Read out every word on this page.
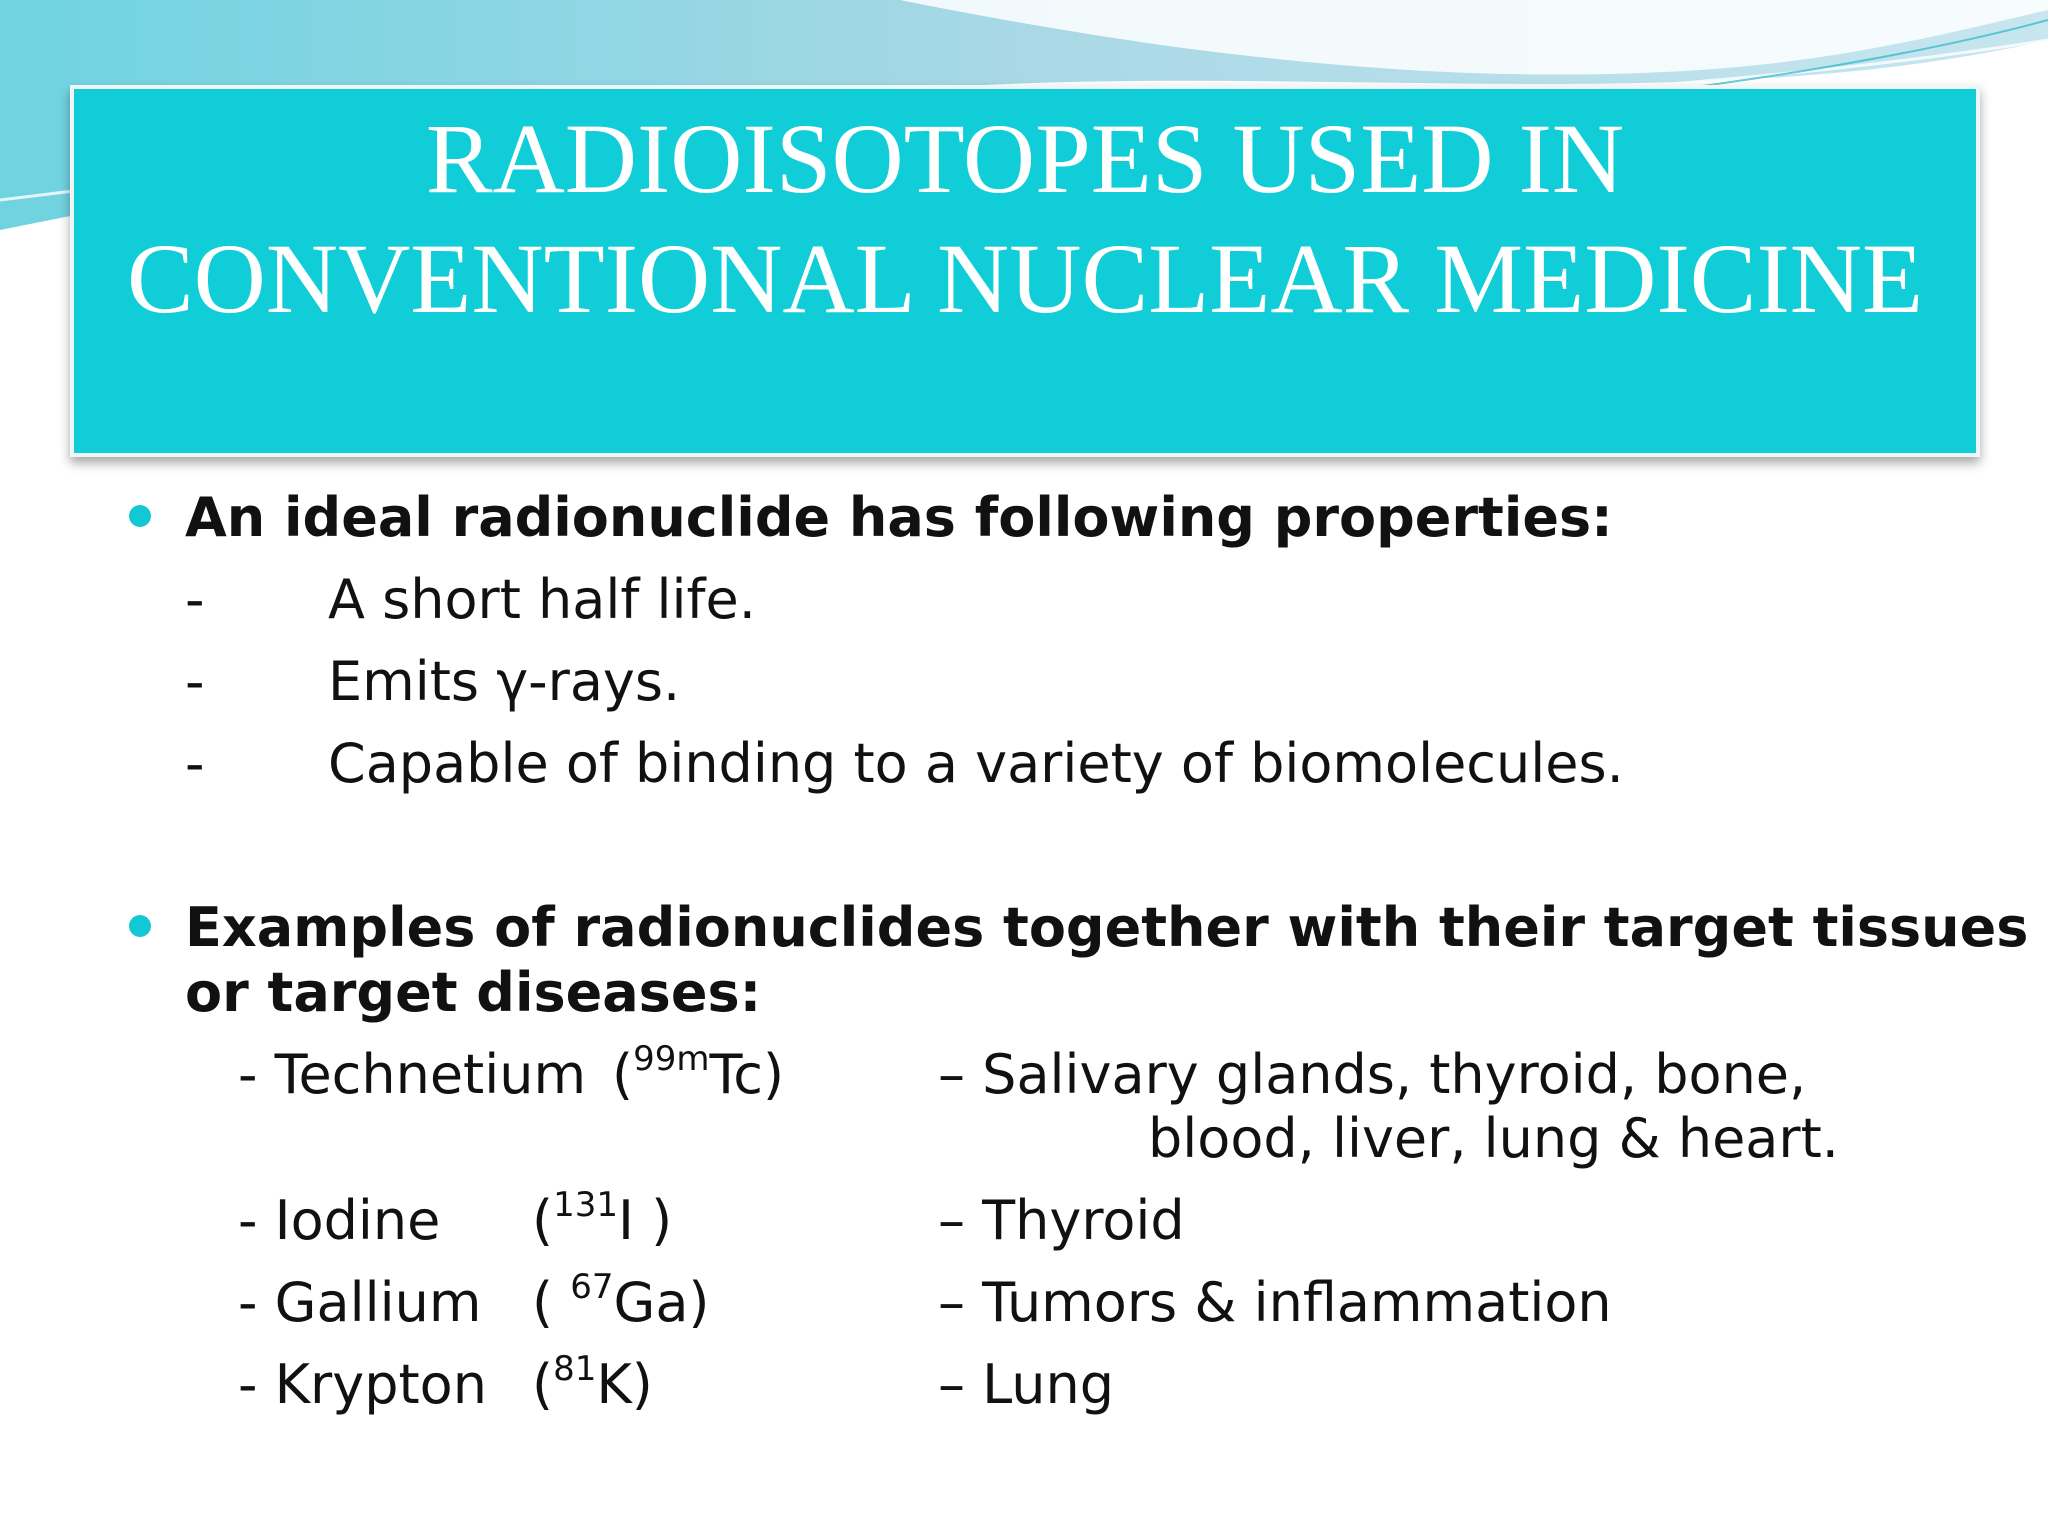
RADIOISOTOPES USED IN
CONVENTIONAL NUCLEAR MEDICINE
An ideal radionuclide has following properties:
- A short half life.
- Emits γ-rays.
- Capable of binding to a variety of biomolecules.
Examples of radionuclides together with their target tissues
or target diseases:
- Technetium ($^{99m}$Tc)	– Salivary glands, thyroid, bone,
blood, liver, lung & heart.
- Iodine ($^{131}$I )	– Thyroid
- Gallium ( $^{67}$Ga)	– Tumors & inflammation
- Krypton ($^{81}$K)	– Lung
